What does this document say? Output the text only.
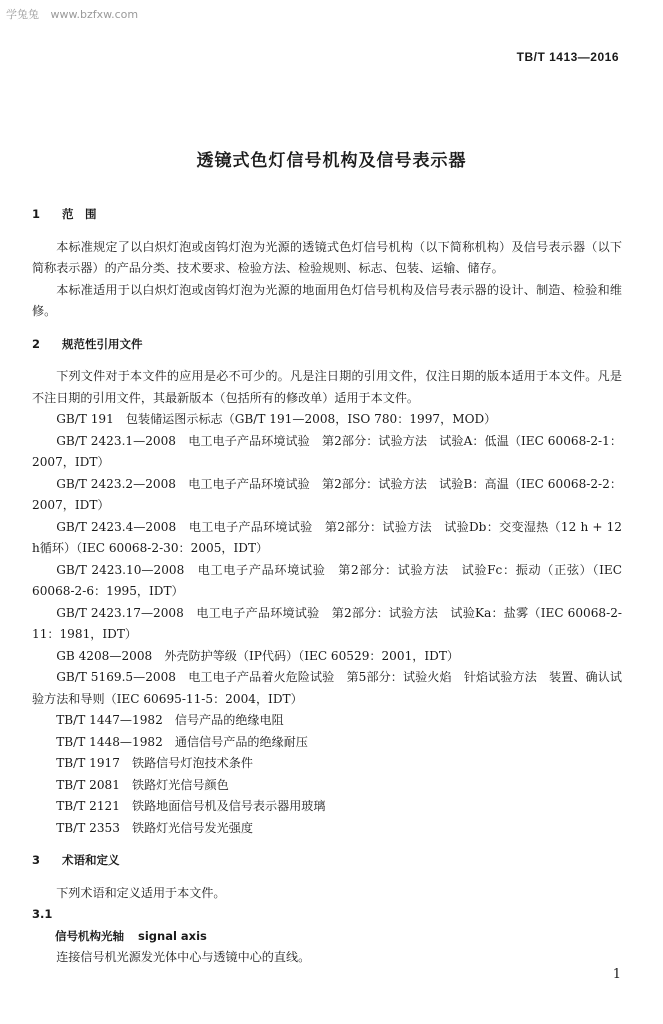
学兔兔 www.bzfxw.com
TB/T 1413—2016
透镜式色灯信号机构及信号表示器
1 范　围

本标准规定了以白炽灯泡或卤钨灯泡为光源的透镜式色灯信号机构（以下简称机构）及信号表示器（以下简称表示器）的产品分类、技术要求、检验方法、检验规则、标志、包装、运输、储存。

本标准适用于以白炽灯泡或卤钨灯泡为光源的地面用色灯信号机构及信号表示器的设计、制造、检验和维修。

2 规范性引用文件

下列文件对于本文件的应用是必不可少的。凡是注日期的引用文件，仅注日期的版本适用于本文件。凡是不注日期的引用文件，其最新版本（包括所有的修改单）适用于本文件。

GB/T 191　包装储运图示标志（GB/T 191—2008，ISO 780：1997，MOD）

GB/T 2423.1—2008　电工电子产品环境试验　第2部分：试验方法　试验A：低温（IEC 60068-2-1：2007，IDT）

GB/T 2423.2—2008　电工电子产品环境试验　第2部分：试验方法　试验B：高温（IEC 60068-2-2：2007，IDT）

GB/T 2423.4—2008　电工电子产品环境试验　第2部分：试验方法　试验Db：交变湿热（12 h + 12 h循环）（IEC 60068-2-30：2005，IDT）

GB/T 2423.10—2008　电工电子产品环境试验　第2部分：试验方法　试验Fc：振动（正弦）（IEC 60068-2-6：1995，IDT）

GB/T 2423.17—2008　电工电子产品环境试验　第2部分：试验方法　试验Ka：盐雾（IEC 60068-2-11：1981，IDT）

GB 4208—2008　外壳防护等级（IP代码）（IEC 60529：2001，IDT）

GB/T 5169.5—2008　电工电子产品着火危险试验　第5部分：试验火焰　针焰试验方法　装置、确认试验方法和导则（IEC 60695-11-5：2004，IDT）

TB/T 1447—1982　信号产品的绝缘电阻

TB/T 1448—1982　通信信号产品的绝缘耐压

TB/T 1917　铁路信号灯泡技术条件

TB/T 2081　铁路灯光信号颜色

TB/T 2121　铁路地面信号机及信号表示器用玻璃

TB/T 2353　铁路灯光信号发光强度

3 术语和定义

下列术语和定义适用于本文件。

3.1

信号机构光轴 signal axis

连接信号机光源发光体中心与透镜中心的直线。

1
